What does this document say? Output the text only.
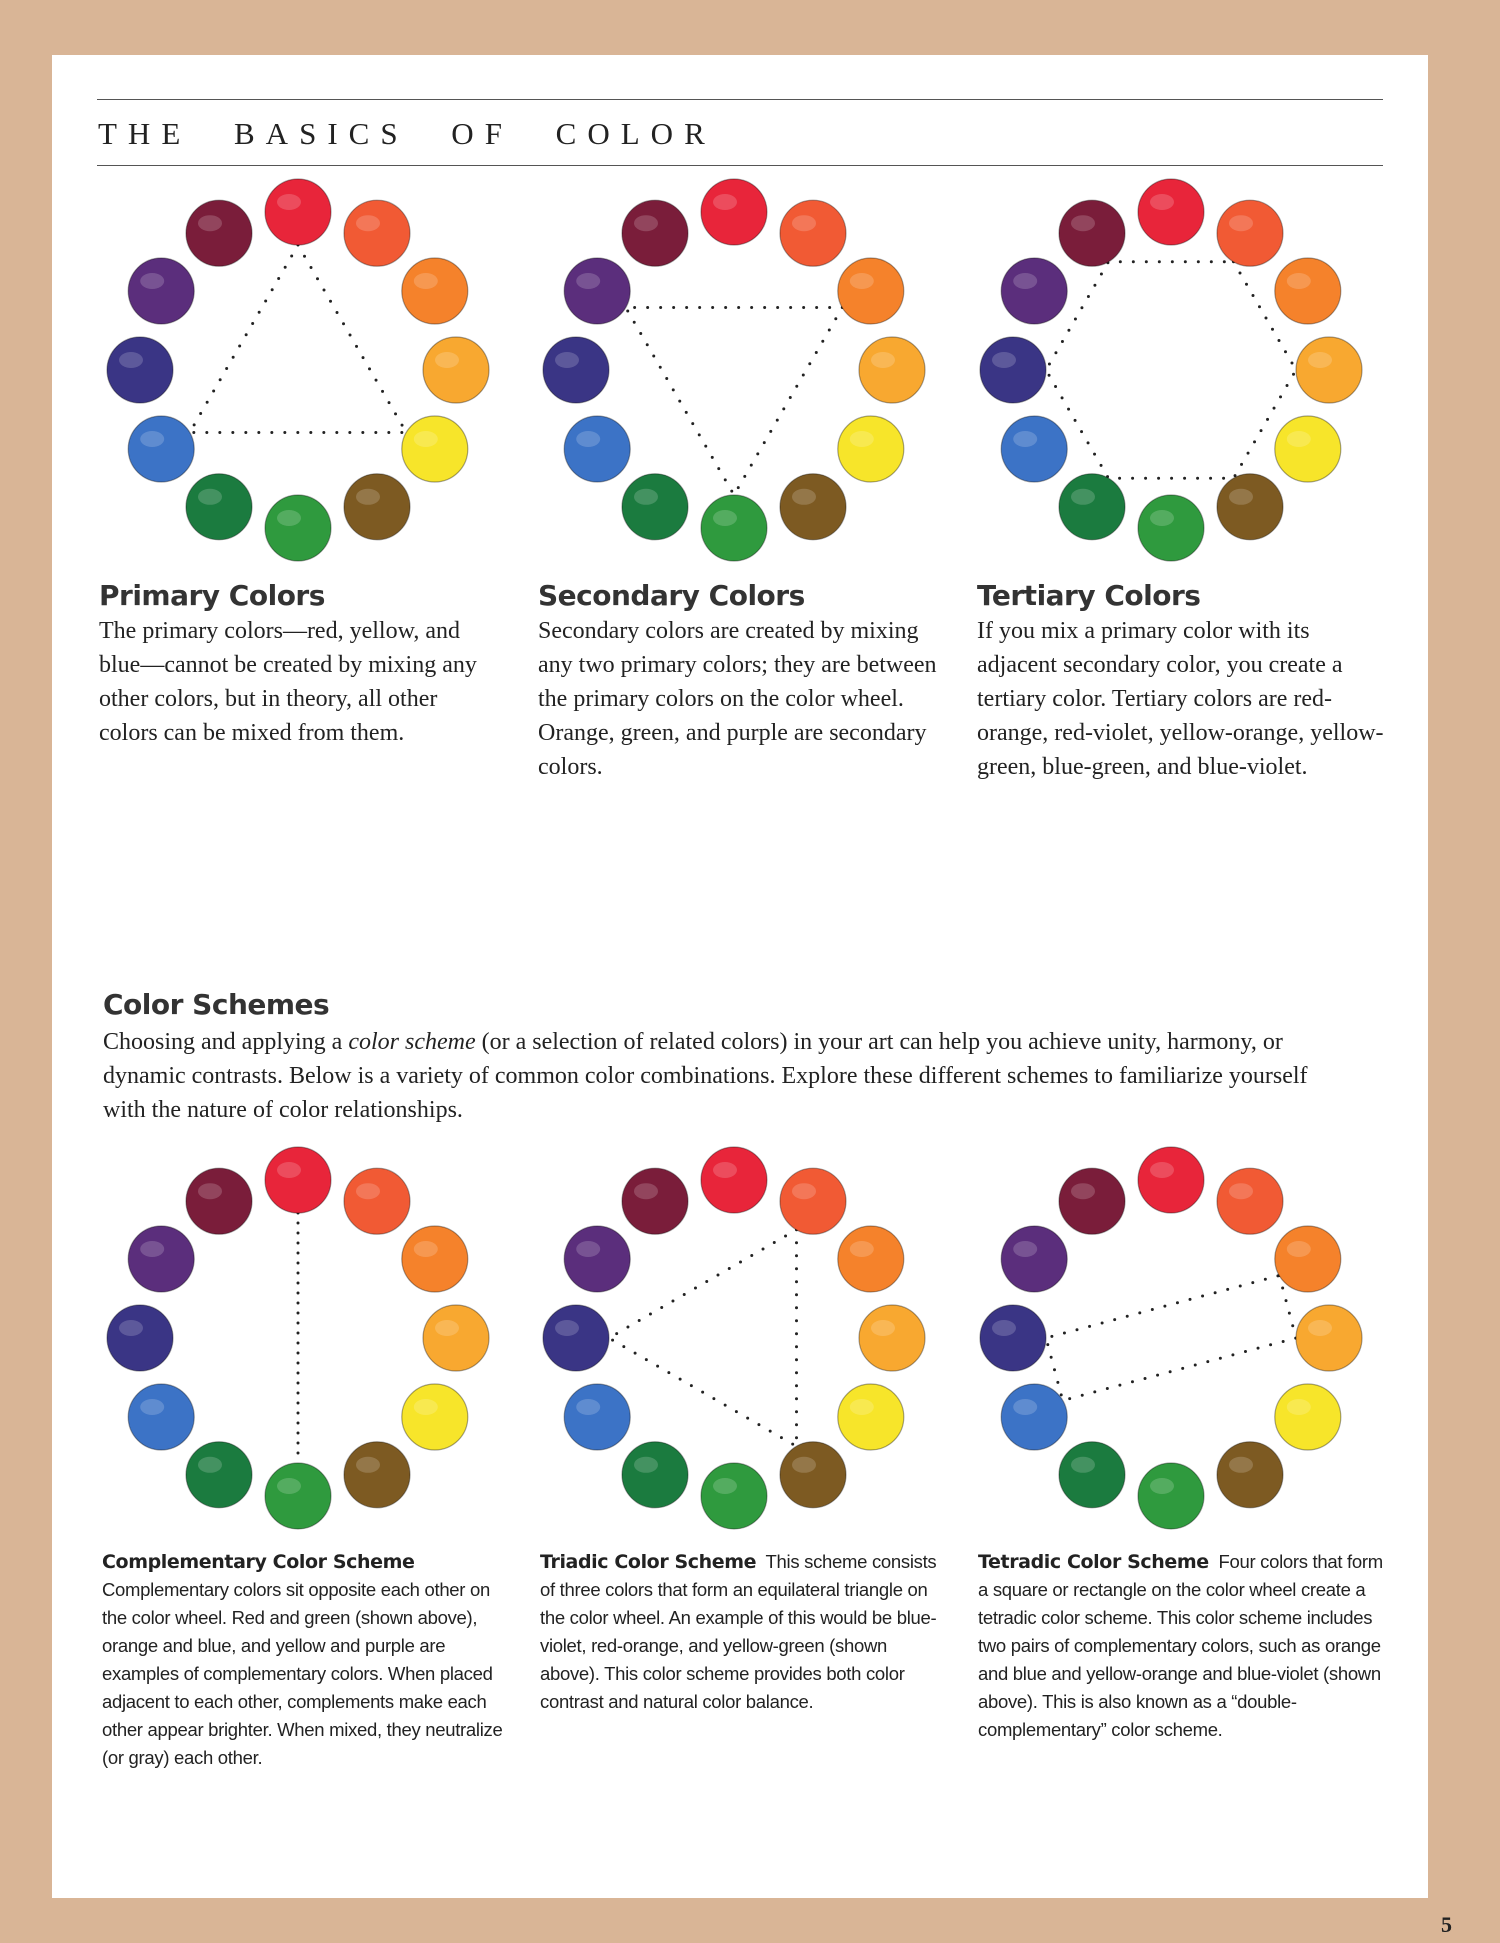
THE BASICS OF COLOR

Primary Colors

The primary colors—red, yellow, and blue—cannot be created by mixing any other colors, but in theory, all other colors can be mixed from them.

Secondary Colors

Secondary colors are created by mixing any two primary colors; they are between the primary colors on the color wheel. Orange, green, and purple are secondary colors.

Tertiary Colors

If you mix a primary color with its adjacent secondary color, you create a tertiary color. Tertiary colors are red-orange, red-violet, yellow-orange, yellow-green, blue-green, and blue-violet.

Color Schemes

Choosing and applying a color scheme (or a selection of related colors) in your art can help you achieve unity, harmony, or dynamic contrasts. Below is a variety of common color combinations. Explore these different schemes to familiarize yourself with the nature of color relationships.

Complementary Color Scheme
Complementary colors sit opposite each other on the color wheel. Red and green (shown above), orange and blue, and yellow and purple are examples of complementary colors. When placed adjacent to each other, complements make each other appear brighter. When mixed, they neutralize (or gray) each other.
Triadic Color Scheme This scheme consists of three colors that form an equilateral triangle on the color wheel. An example of this would be blue-violet, red-orange, and yellow-green (shown above). This color scheme provides both color contrast and natural color balance.
Tetradic Color Scheme Four colors that form a square or rectangle on the color wheel create a tetradic color scheme. This color scheme includes two pairs of complementary colors, such as orange and blue and yellow-orange and blue-violet (shown above). This is also known as a “double-complementary” color scheme.
5
